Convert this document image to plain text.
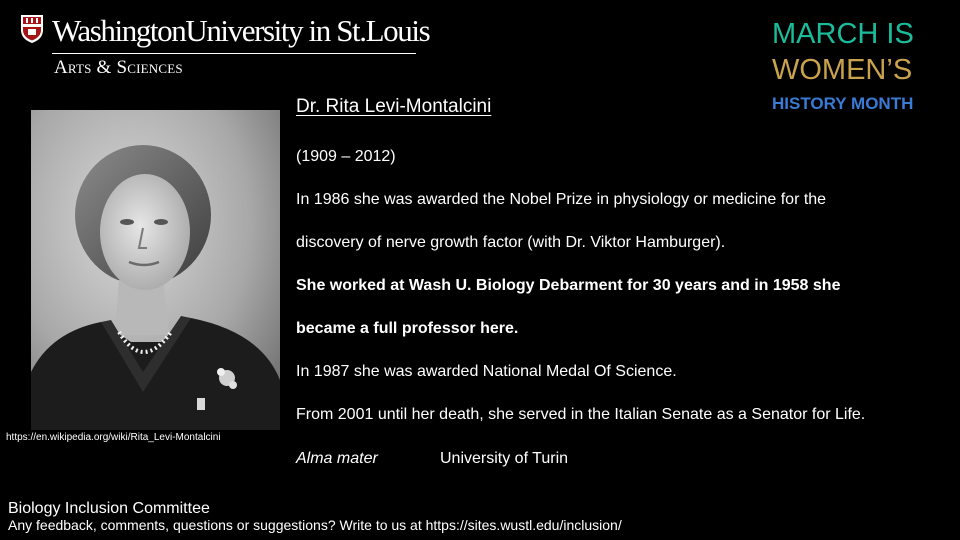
WashingtonUniversity in St.Louis
Arts & Sciences
MARCH IS
WOMEN’S
HISTORY MONTH
https://en.wikipedia.org/wiki/Rita_Levi-Montalcini
Dr. Rita Levi-Montalcini
(1909 – 2012)
In 1986 she was awarded the Nobel Prize in physiology or medicine for the
discovery of nerve growth factor (with Dr. Viktor Hamburger).
She worked at Wash U. Biology Debarment for 30 years and in 1958 she
became a full professor here.
In 1987 she was awarded National Medal Of Science.
From 2001 until her death, she served in the Italian Senate as a Senator for Life.
Alma mater	University of Turin
Biology Inclusion Committee
Any feedback, comments, questions or suggestions? Write to us at https://sites.wustl.edu/inclusion/
